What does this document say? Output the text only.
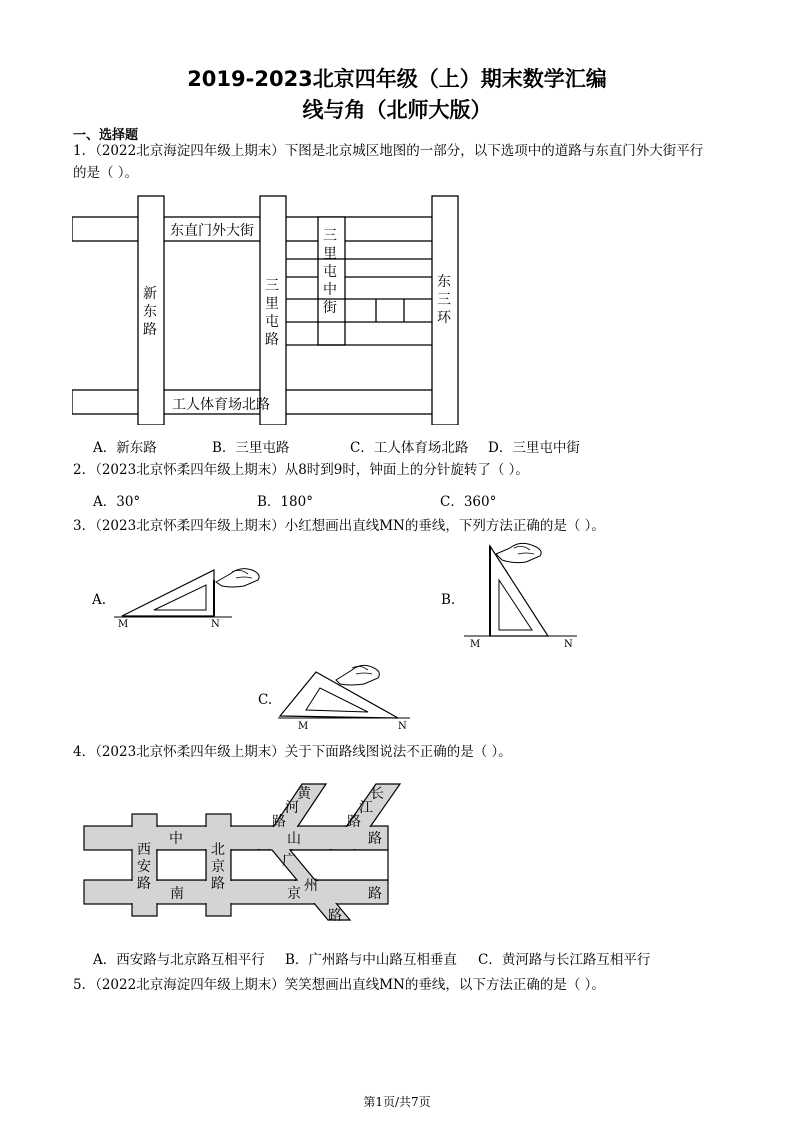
2019-2023北京四年级（上）期末数学汇编
线与角（北师大版）
一、选择题
1．（2022北京海淀四年级上期末）下图是北京城区地图的一部分，以下选项中的道路与东直门外大街平行
的是（ ）。
东直门外大街
工人体育场北路
新
东
路
三
里
屯
路
三
里
屯
中
街
东
三
环
A．新东路	B．三里屯路	C．工人体育场北路 D．三里屯中街
2．（2023北京怀柔四年级上期末）从8时到9时，钟面上的分针旋转了（ ）。
A．30°	B．180°	C．360°
3．（2023北京怀柔四年级上期末）小红想画出直线MN的垂线，下列方法正确的是（ ）。
A.
M	N
B.
M	N
C.
M	N
4．（2023北京怀柔四年级上期末）关于下面路线图说法不正确的是（ ）。
中	山	路
南	京	路
西
安
路
北
京
路
黄
河
路
长
江
路
广
州
路
A．西安路与北京路互相平行 B．广州路与中山路互相垂直 C．黄河路与长江路互相平行
5．（2022北京海淀四年级上期末）笑笑想画出直线MN的垂线，以下方法正确的是（ ）。
第1页/共7页
